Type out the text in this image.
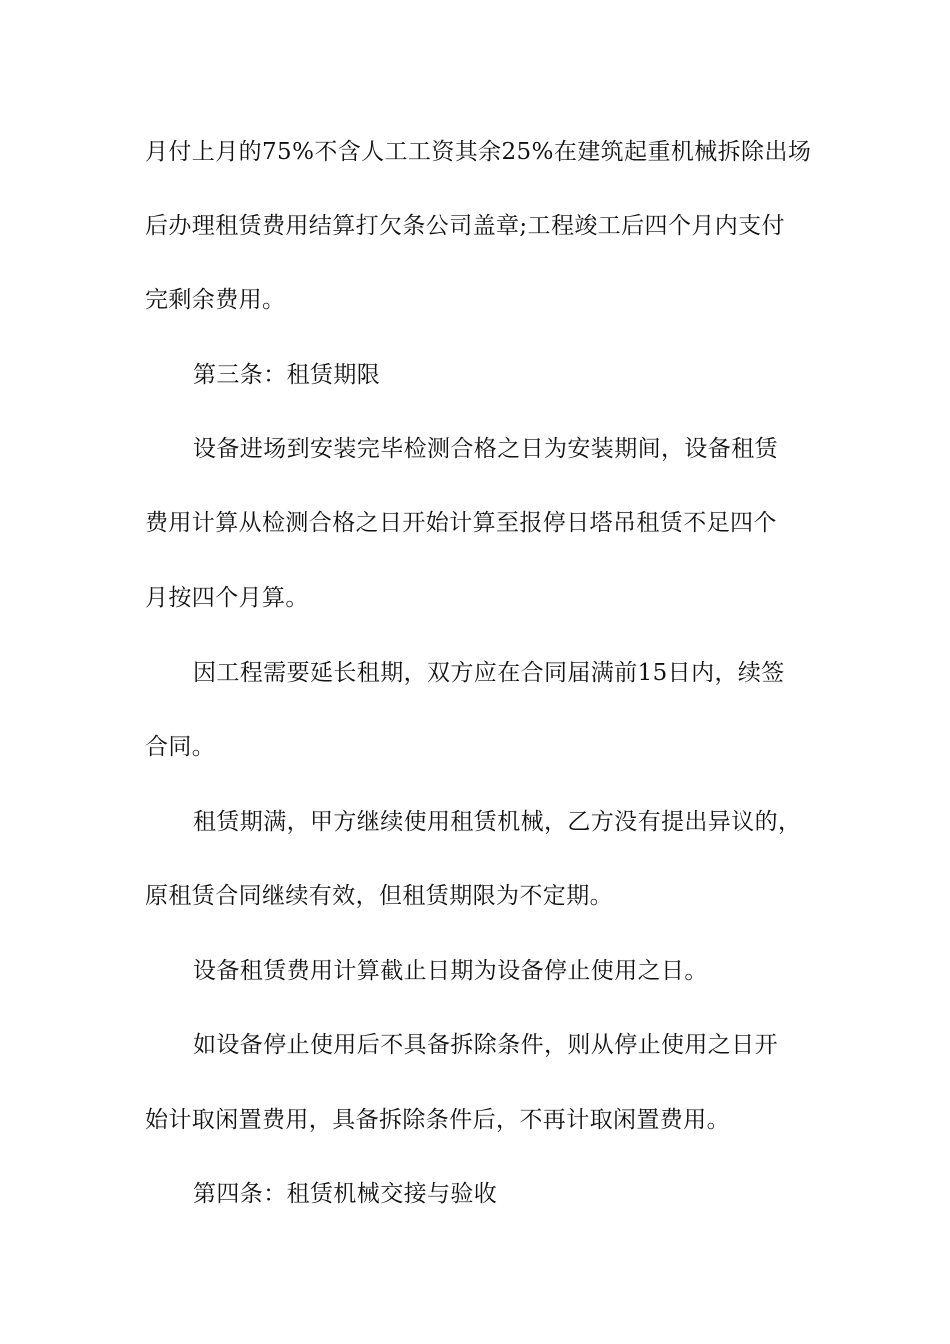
月付上月的75%不含人工工资其余25%在建筑起重机械拆除出场
后办理租赁费用结算打欠条公司盖章;工程竣工后四个月内支付
完剩余费用。
第三条：租赁期限
设备进场到安装完毕检测合格之日为安装期间，设备租赁
费用计算从检测合格之日开始计算至报停日塔吊租赁不足四个
月按四个月算。
因工程需要延长租期，双方应在合同届满前15日内，续签
合同。
租赁期满，甲方继续使用租赁机械，乙方没有提出异议的，
原租赁合同继续有效，但租赁期限为不定期。
设备租赁费用计算截止日期为设备停止使用之日。
如设备停止使用后不具备拆除条件，则从停止使用之日开
始计取闲置费用，具备拆除条件后，不再计取闲置费用。
第四条：租赁机械交接与验收
